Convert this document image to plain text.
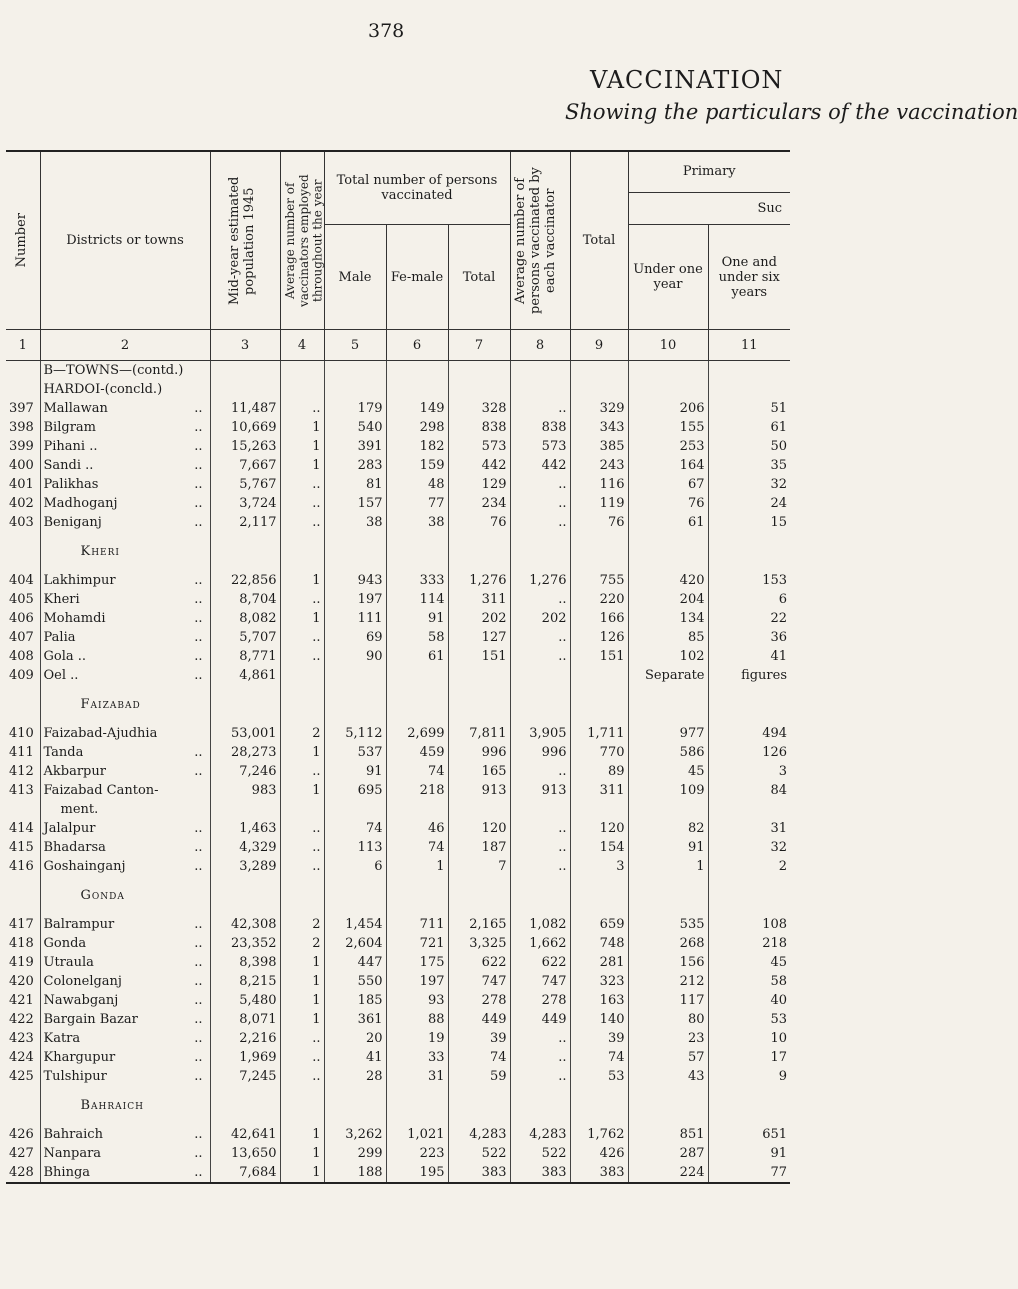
378
VACCINATION
Showing the particulars of the vaccination
Number	Districts or towns	Mid-year estimated population 1945	Average number of vaccinators employed throughout the year	Total number of persons vaccinated			Average number of persons vaccinated by each vaccinator	Total	Primary
Suc	

				Male	Fe-male	Total			Under one year	One and under six years
1	2	3	4	5	6	7	8	9	10	11
	B—TOWNS—(contd.)									
	HARDOI-(concld.)									
397	Mallawan ..	11,487	..	179	149	328	..	329	206	51
398	Bilgram ..	10,669	1	540	298	838	838	343	155	61
399	Pihani .. ..	15,263	1	391	182	573	573	385	253	50
400	Sandi .. ..	7,667	1	283	159	442	442	243	164	35
401	Palikhas ..	5,767	..	81	48	129	..	116	67	32
402	Madhoganj ..	3,724	..	157	77	234	..	119	76	24
403	Beniganj ..	2,117	..	38	38	76	..	76	61	15

	Kheri									

404	Lakhimpur ..	22,856	1	943	333	1,276	1,276	755	420	153
405	Kheri ..	8,704	..	197	114	311	..	220	204	6
406	Mohamdi ..	8,082	1	111	91	202	202	166	134	22
407	Palia ..	5,707	..	69	58	127	..	126	85	36
408	Gola .. ..	8,771	..	90	61	151	..	151	102	41
409	Oel .. ..	4,861							Separate	figures

	Faizabad									

410	Faizabad-Ajudhia	53,001	2	5,112	2,699	7,811	3,905	1,711	977	494
411	Tanda ..	28,273	1	537	459	996	996	770	586	126
412	Akbarpur ..	7,246	..	91	74	165	..	89	45	3
413	Faizabad Canton-	983	1	695	218	913	913	311	109	84
	ment.									
414	Jalalpur ..	1,463	..	74	46	120	..	120	82	31
415	Bhadarsa ..	4,329	..	113	74	187	..	154	91	32
416	Goshainganj ..	3,289	..	6	1	7	..	3	1	2

	Gonda									

417	Balrampur ..	42,308	2	1,454	711	2,165	1,082	659	535	108
418	Gonda ..	23,352	2	2,604	721	3,325	1,662	748	268	218
419	Utraula ..	8,398	1	447	175	622	622	281	156	45
420	Colonelganj ..	8,215	1	550	197	747	747	323	212	58
421	Nawabganj ..	5,480	1	185	93	278	278	163	117	40
422	Bargain Bazar ..	8,071	1	361	88	449	449	140	80	53
423	Katra ..	2,216	..	20	19	39	..	39	23	10
424	Khargupur ..	1,969	..	41	33	74	..	74	57	17
425	Tulshipur ..	7,245	..	28	31	59	..	53	43	9

	Bahraich									

426	Bahraich ..	42,641	1	3,262	1,021	4,283	4,283	1,762	851	651
427	Nanpara ..	13,650	1	299	223	522	522	426	287	91
428	Bhinga ..	7,684	1	188	195	383	383	383	224	77
